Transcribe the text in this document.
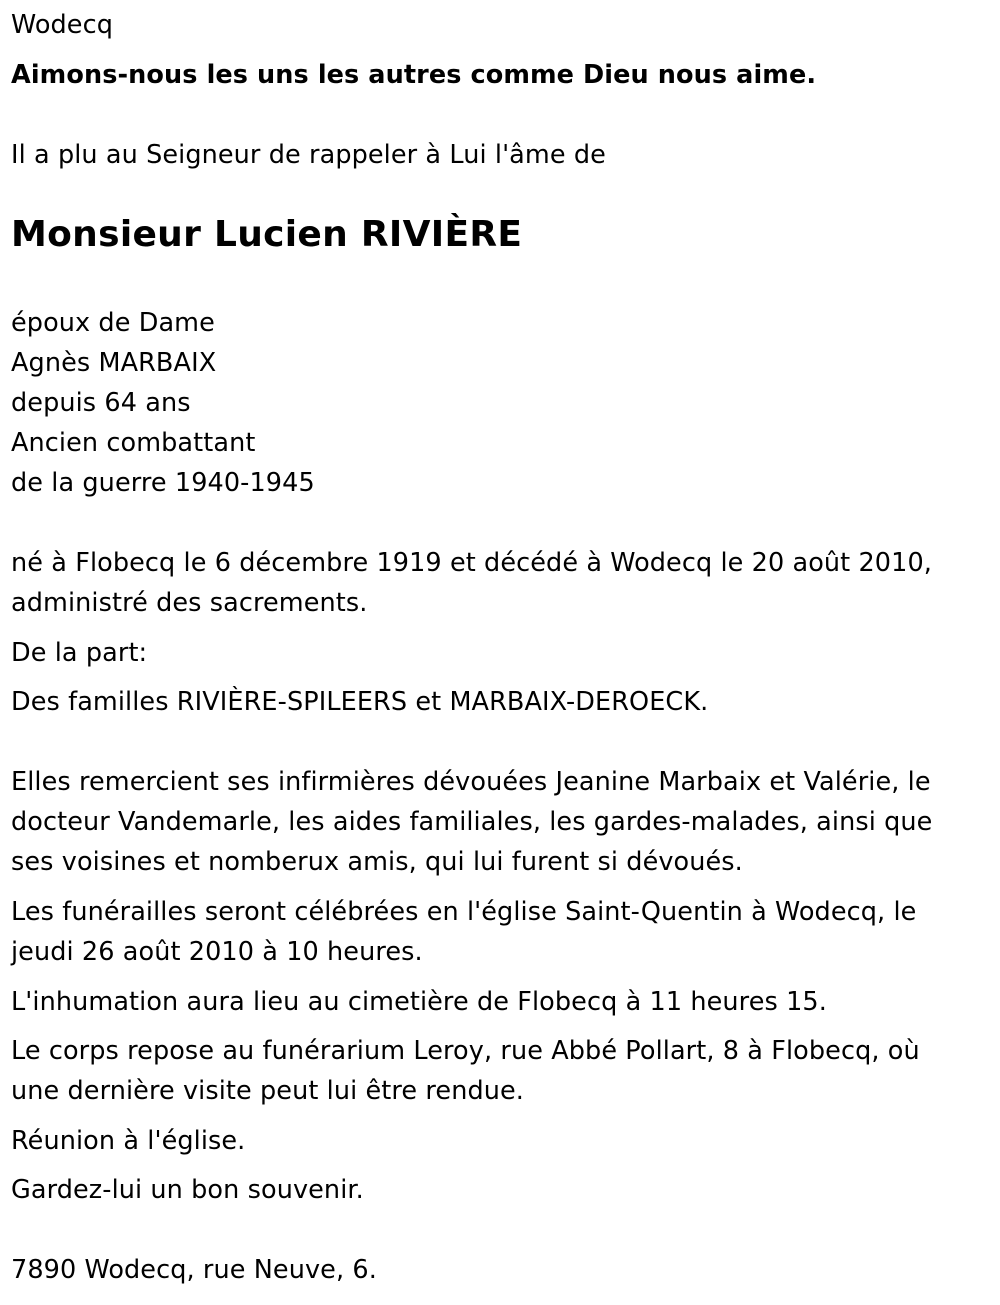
Wodecq
Aimons-nous les uns les autres comme Dieu nous aime.
Il a plu au Seigneur de rappeler à Lui l'âme de
Monsieur Lucien RIVIÈRE
époux de Dame
Agnès MARBAIX
depuis 64 ans
Ancien combattant
de la guerre 1940-1945
né à Flobecq le 6 décembre 1919 et décédé à Wodecq le 20 août 2010,
administré des sacrements.
De la part:
Des familles RIVIÈRE-SPILEERS et MARBAIX-DEROECK.
Elles remercient ses infirmières dévouées Jeanine Marbaix et Valérie, le
docteur Vandemarle, les aides familiales, les gardes-malades, ainsi que
ses voisines et nomberux amis, qui lui furent si dévoués.
Les funérailles seront célébrées en l'église Saint-Quentin à Wodecq, le
jeudi 26 août 2010 à 10 heures.
L'inhumation aura lieu au cimetière de Flobecq à 11 heures 15.
Le corps repose au funérarium Leroy, rue Abbé Pollart, 8 à Flobecq, où
une dernière visite peut lui être rendue.
Réunion à l'église.
Gardez-lui un bon souvenir.
7890 Wodecq, rue Neuve, 6.
